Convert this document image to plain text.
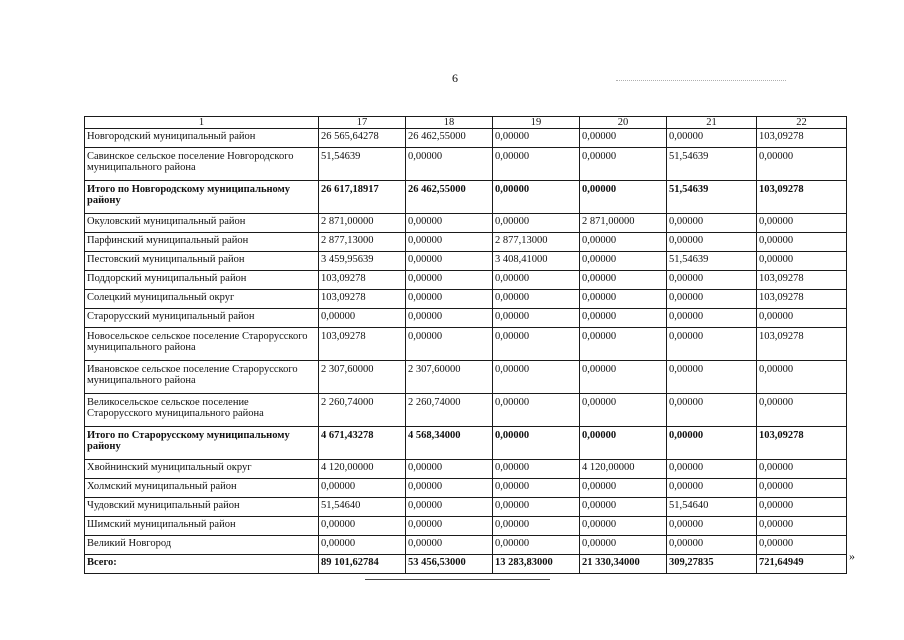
6
1	17	18	19	20	21	22
Новгородский муниципальный район	26 565,64278	26 462,55000	0,00000	0,00000	0,00000	103,09278
Савинское сельское поселение Новгородского муниципального района	51,54639	0,00000	0,00000	0,00000	51,54639	0,00000
Итого по Новгородскому муниципальному району	26 617,18917	26 462,55000	0,00000	0,00000	51,54639	103,09278
Окуловский муниципальный район	2 871,00000	0,00000	0,00000	2 871,00000	0,00000	0,00000
Парфинский муниципальный район	2 877,13000	0,00000	2 877,13000	0,00000	0,00000	0,00000
Пестовский муниципальный район	3 459,95639	0,00000	3 408,41000	0,00000	51,54639	0,00000
Поддорский муниципальный район	103,09278	0,00000	0,00000	0,00000	0,00000	103,09278
Солецкий муниципальный округ	103,09278	0,00000	0,00000	0,00000	0,00000	103,09278
Старорусский муниципальный район	0,00000	0,00000	0,00000	0,00000	0,00000	0,00000
Новосельское сельское поселение Старорусского муниципального района	103,09278	0,00000	0,00000	0,00000	0,00000	103,09278
Ивановское сельское поселение Старорусского муниципального района	2 307,60000	2 307,60000	0,00000	0,00000	0,00000	0,00000
Великосельское сельское поселение Старорусского муниципального района	2 260,74000	2 260,74000	0,00000	0,00000	0,00000	0,00000
Итого по Старорусскому муниципальному району	4 671,43278	4 568,34000	0,00000	0,00000	0,00000	103,09278
Хвойнинский муниципальный округ	4 120,00000	0,00000	0,00000	4 120,00000	0,00000	0,00000
Холмский муниципальный район	0,00000	0,00000	0,00000	0,00000	0,00000	0,00000
Чудовский муниципальный район	51,54640	0,00000	0,00000	0,00000	51,54640	0,00000
Шимский муниципальный район	0,00000	0,00000	0,00000	0,00000	0,00000	0,00000
Великий Новгород	0,00000	0,00000	0,00000	0,00000	0,00000	0,00000
Всего:	89 101,62784	53 456,53000	13 283,83000	21 330,34000	309,27835	721,64949	»
